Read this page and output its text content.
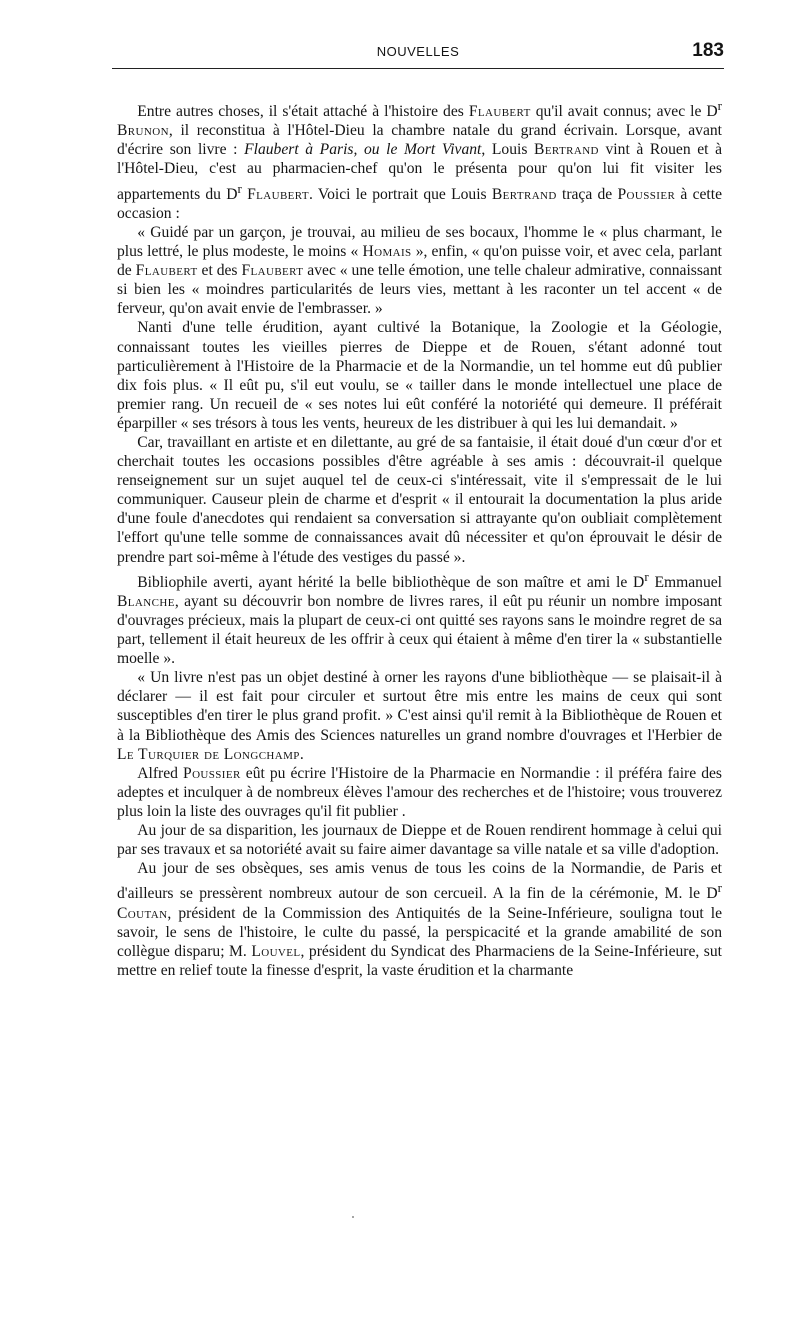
NOUVELLES	183

Entre autres choses, il s'était attaché à l'histoire des Flaubert qu'il avait connus; avec le $D^r$ Brunon, il reconstitua à l'Hôtel-Dieu la chambre natale du grand écrivain. Lorsque, avant d'écrire son livre : Flaubert à Paris, ou le Mort Vivant, Louis Bertrand vint à Rouen et à l'Hôtel-Dieu, c'est au pharmacien-chef qu'on le présenta pour qu'on lui fit visiter les appartements du $D^r$ Flaubert. Voici le portrait que Louis Bertrand traça de Poussier à cette occasion :

« Guidé par un garçon, je trouvai, au milieu de ses bocaux, l'homme le « plus charmant, le plus lettré, le plus modeste, le moins « Homais », enfin, « qu'on puisse voir, et avec cela, parlant de Flaubert et des Flaubert avec « une telle émotion, une telle chaleur admirative, connaissant si bien les « moindres particularités de leurs vies, mettant à les raconter un tel accent « de ferveur, qu'on avait envie de l'embrasser. »

Nanti d'une telle érudition, ayant cultivé la Botanique, la Zoologie et la Géologie, connaissant toutes les vieilles pierres de Dieppe et de Rouen, s'étant adonné tout particulièrement à l'Histoire de la Pharmacie et de la Normandie, un tel homme eut dû publier dix fois plus. « Il eût pu, s'il eut voulu, se « tailler dans le monde intellectuel une place de premier rang. Un recueil de « ses notes lui eût conféré la notoriété qui demeure. Il préférait éparpiller « ses trésors à tous les vents, heureux de les distribuer à qui les lui demandait. »

Car, travaillant en artiste et en dilettante, au gré de sa fantaisie, il était doué d'un cœur d'or et cherchait toutes les occasions possibles d'être agréable à ses amis : découvrait-il quelque renseignement sur un sujet auquel tel de ceux-ci s'intéressait, vite il s'empressait de le lui communiquer. Causeur plein de charme et d'esprit « il entourait la documentation la plus aride d'une foule d'anecdotes qui rendaient sa conversation si attrayante qu'on oubliait complètement l'effort qu'une telle somme de connaissances avait dû nécessiter et qu'on éprouvait le désir de prendre part soi-même à l'étude des vestiges du passé ».

Bibliophile averti, ayant hérité la belle bibliothèque de son maître et ami le $D^r$ Emmanuel Blanche, ayant su découvrir bon nombre de livres rares, il eût pu réunir un nombre imposant d'ouvrages précieux, mais la plupart de ceux-ci ont quitté ses rayons sans le moindre regret de sa part, tellement il était heureux de les offrir à ceux qui étaient à même d'en tirer la « substantielle moelle ».

« Un livre n'est pas un objet destiné à orner les rayons d'une bibliothèque — se plaisait-il à déclarer — il est fait pour circuler et surtout être mis entre les mains de ceux qui sont susceptibles d'en tirer le plus grand profit. » C'est ainsi qu'il remit à la Bibliothèque de Rouen et à la Bibliothèque des Amis des Sciences naturelles un grand nombre d'ouvrages et l'Herbier de Le Turquier de Longchamp.

Alfred Poussier eût pu écrire l'Histoire de la Pharmacie en Normandie : il préféra faire des adeptes et inculquer à de nombreux élèves l'amour des recherches et de l'histoire; vous trouverez plus loin la liste des ouvrages qu'il fit publier .

Au jour de sa disparition, les journaux de Dieppe et de Rouen rendirent hommage à celui qui par ses travaux et sa notoriété avait su faire aimer davantage sa ville natale et sa ville d'adoption.

Au jour de ses obsèques, ses amis venus de tous les coins de la Normandie, de Paris et d'ailleurs se pressèrent nombreux autour de son cercueil. A la fin de la cérémonie, M. le $D^r$ Coutan, président de la Commission des Antiquités de la Seine-Inférieure, souligna tout le savoir, le sens de l'histoire, le culte du passé, la perspicacité et la grande amabilité de son collègue disparu; M. Louvel, président du Syndicat des Pharmaciens de la Seine-Inférieure, sut mettre en relief toute la finesse d'esprit, la vaste érudition et la charmante
